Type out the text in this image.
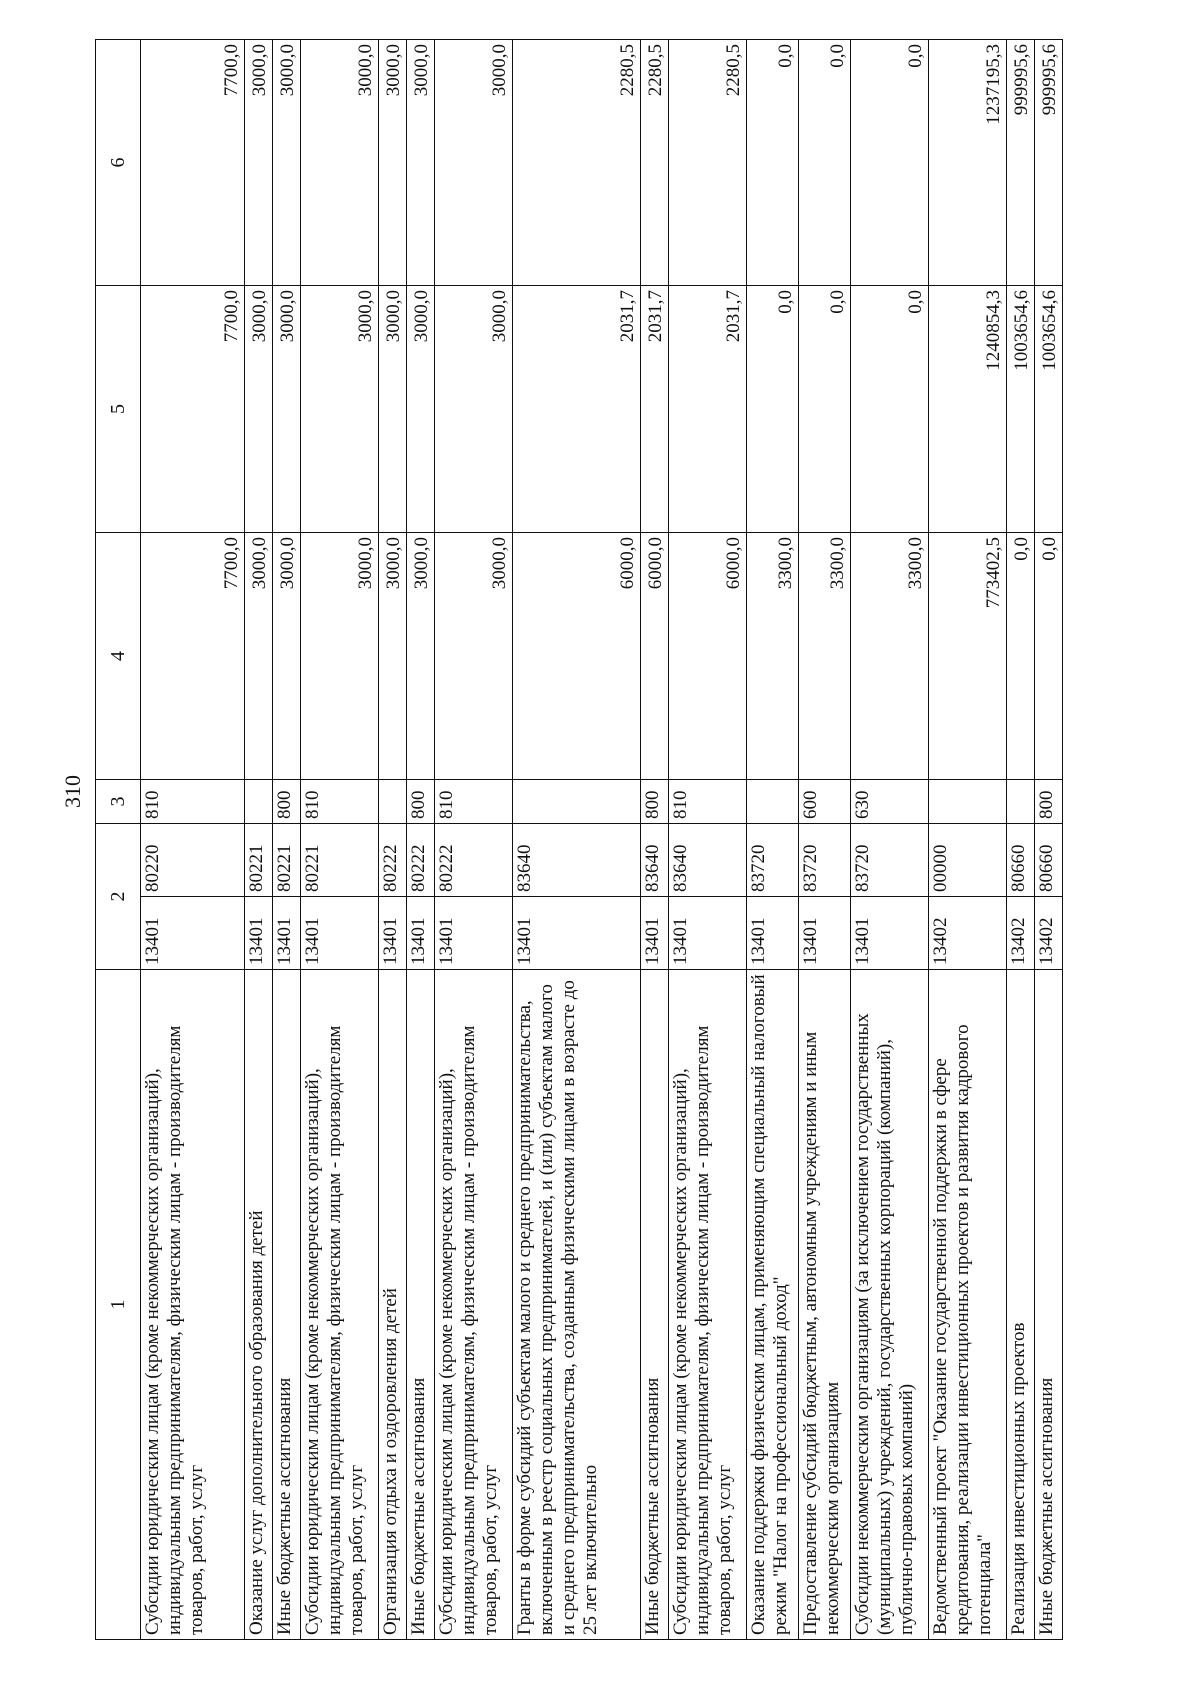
310
1	2		3	4	5	6
Субсидии юридическим лицам (кроме некоммерческих организаций), индивидуальным предпринимателям, физическим лицам - производителям товаров, работ, услуг	13401	80220	810	7700,0	7700,0	7700,0
Оказание услуг дополнительного образования детей	13401	80221		3000,0	3000,0	3000,0
Иные бюджетные ассигнования	13401	80221	800	3000,0	3000,0	3000,0
Субсидии юридическим лицам (кроме некоммерческих организаций), индивидуальным предпринимателям, физическим лицам - производителям товаров, работ, услуг	13401	80221	810	3000,0	3000,0	3000,0
Организация отдыха и оздоровления детей	13401	80222		3000,0	3000,0	3000,0
Иные бюджетные ассигнования	13401	80222	800	3000,0	3000,0	3000,0
Субсидии юридическим лицам (кроме некоммерческих организаций), индивидуальным предпринимателям, физическим лицам - производителям товаров, работ, услуг	13401	80222	810	3000,0	3000,0	3000,0
Гранты в форме субсидий субъектам малого и среднего предпринимательства, включенным в реестр социальных предпринимателей, и (или) субъектам малого и среднего предпринимательства, созданным физическими лицами в возрасте до 25 лет включительно	13401	83640		6000,0	2031,7	2280,5
Иные бюджетные ассигнования	13401	83640	800	6000,0	2031,7	2280,5
Субсидии юридическим лицам (кроме некоммерческих организаций), индивидуальным предпринимателям, физическим лицам - производителям товаров, работ, услуг	13401	83640	810	6000,0	2031,7	2280,5
Оказание поддержки физическим лицам, применяющим специальный налоговый режим "Налог на профессиональный доход"	13401	83720		3300,0	0,0	0,0
Предоставление субсидий бюджетным, автономным учреждениям и иным некоммерческим организациям	13401	83720	600	3300,0	0,0	0,0
Субсидии некоммерческим организациям (за исключением государственных (муниципальных) учреждений, государственных корпораций (компаний), публично-правовых компаний)	13401	83720	630	3300,0	0,0	0,0
Ведомственный проект "Оказание государственной поддержки в сфере кредитования, реализации инвестиционных проектов и развития кадрового потенциала"	13402	00000		773402,5	1240854,3	1237195,3
Реализация инвестиционных проектов	13402	80660		0,0	1003654,6	999995,6
Иные бюджетные ассигнования	13402	80660	800	0,0	1003654,6	999995,6
